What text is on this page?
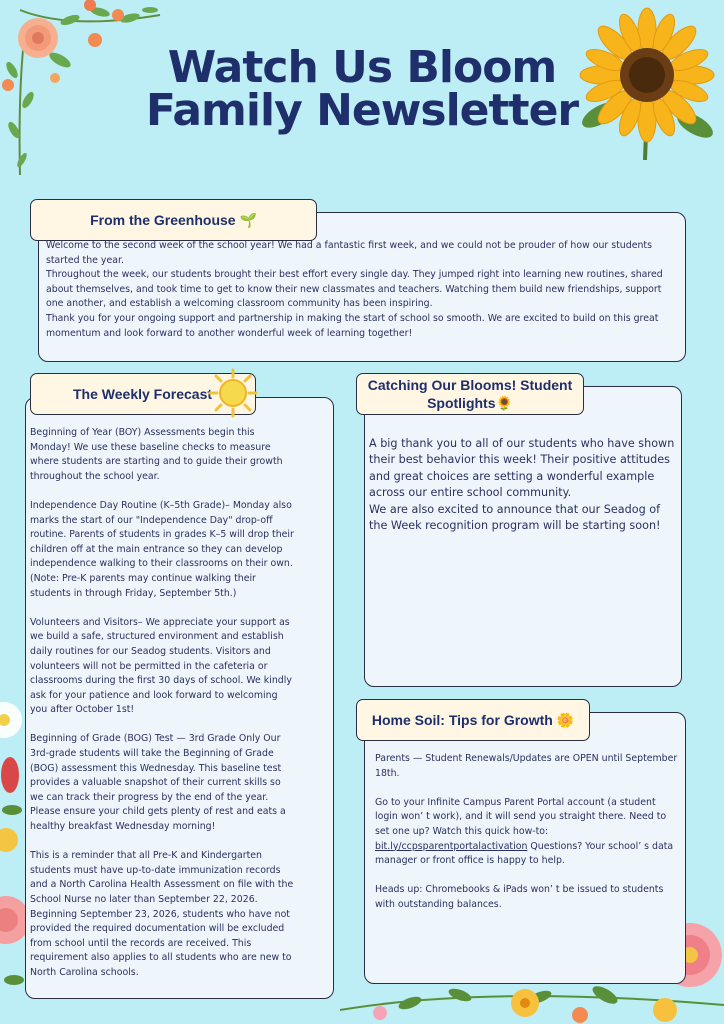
Watch Us Bloom
Family Newsletter
From the Greenhouse
🌱

Welcome to the second week of the school year! We had a fantastic first week, and we could not be prouder of how our students started the year.

Throughout the week, our students brought their best effort every single day. They jumped right into learning new routines, shared about themselves, and took time to get to know their new classmates and teachers. Watching them build new friendships, support one another, and establish a welcoming classroom community has been inspiring.

Thank you for your ongoing support and partnership in making the start of school so smooth. We are excited to build on this great momentum and look forward to another wonderful week of learning together!

The Weekly Forecast

Beginning of Year (BOY) Assessments begin this Monday! We use these baseline checks to measure where students are starting and to guide their growth throughout the school year.

Independence Day Routine (K–5th Grade)– Monday also marks the start of our "Independence Day" drop-off routine. Parents of students in grades K–5 will drop their children off at the main entrance so they can develop independence walking to their classrooms on their own. (Note: Pre-K parents may continue walking their students in through Friday, September 5th.)

Volunteers and Visitors– We appreciate your support as we build a safe, structured environment and establish daily routines for our Seadog students. Visitors and volunteers will not be permitted in the cafeteria or classrooms during the first 30 days of school. We kindly ask for your patience and look forward to welcoming you after October 1st!

Beginning of Grade (BOG) Test — 3rd Grade Only Our 3rd-grade students will take the Beginning of Grade (BOG) assessment this Wednesday. This baseline test provides a valuable snapshot of their current skills so we can track their progress by the end of the year. Please ensure your child gets plenty of rest and eats a healthy breakfast Wednesday morning!

This is a reminder that all Pre-K and Kindergarten students must have up-to-date immunization records and a North Carolina Health Assessment on file with the School Nurse no later than September 22, 2026. Beginning September 23, 2026, students who have not provided the required documentation will be excluded from school until the records are received. This requirement also applies to all students who are new to North Carolina schools.

Catching Our Blooms! Student
Spotlights🌻

A big thank you to all of our students who have shown their best behavior this week! Their positive attitudes and great choices are setting a wonderful example across our entire school community.

We are also excited to announce that our Seadog of the Week recognition program will be starting soon!

Home Soil: Tips for Growth
🌼

Parents — Student Renewals/Updates are OPEN until September 18th.

Go to your Infinite Campus Parent Portal account (a student login won’ t work), and it will send you straight there. Need to set one up? Watch this quick how-to: bit.ly/ccpsparentportalactivation Questions? Your school’ s data manager or front office is happy to help.

Heads up: Chromebooks & iPads won’ t be issued to students with outstanding balances.
